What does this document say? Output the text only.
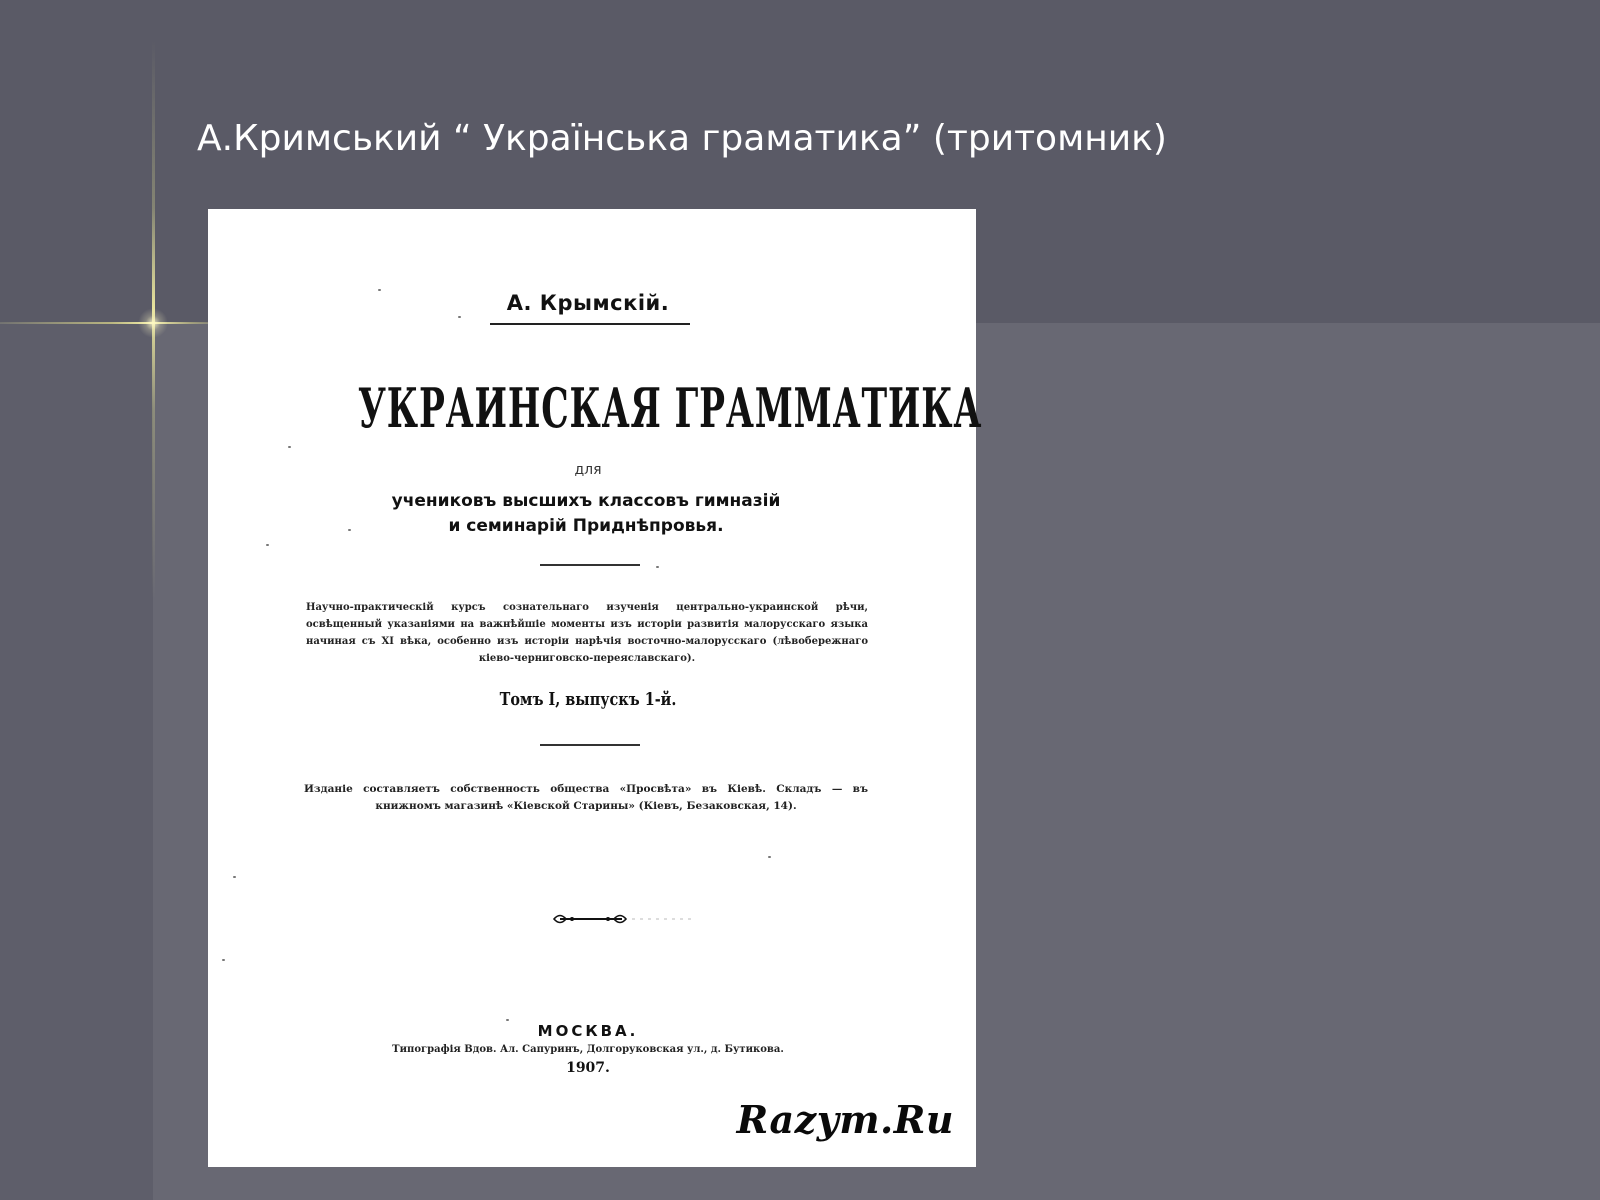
А.Кримський “ Українська граматика” (тритомник)
А. Крымскій.
УКРАИНСКАЯ ГРАММАТИКА
для
учениковъ высшихъ классовъ гимназій
и семинарій Приднѣпровья.
Научно-практическій курсъ сознательнаго изученія центрально-украинской рѣчи, освѣщенный указаніями на важнѣйшіе моменты изъ исторіи развитія малорусскаго языка начиная съ XI вѣка, особенно изъ исторіи нарѣчія восточно-малорусскаго (лѣвобережнаго кіево-черниговско-переяславскаго).
Томъ I, выпускъ 1-й.
Изданіе составляетъ собственность общества «Просвѣта» въ Кіевѣ. Складъ — въ книжномъ магазинѣ «Кіевской Старины» (Кіевъ, Безаковская, 14).
МОСКВА.
Типографія Вдов. Ал. Сапуринъ, Долгоруковская ул., д. Бутикова.
1907.
Razym.Ru
